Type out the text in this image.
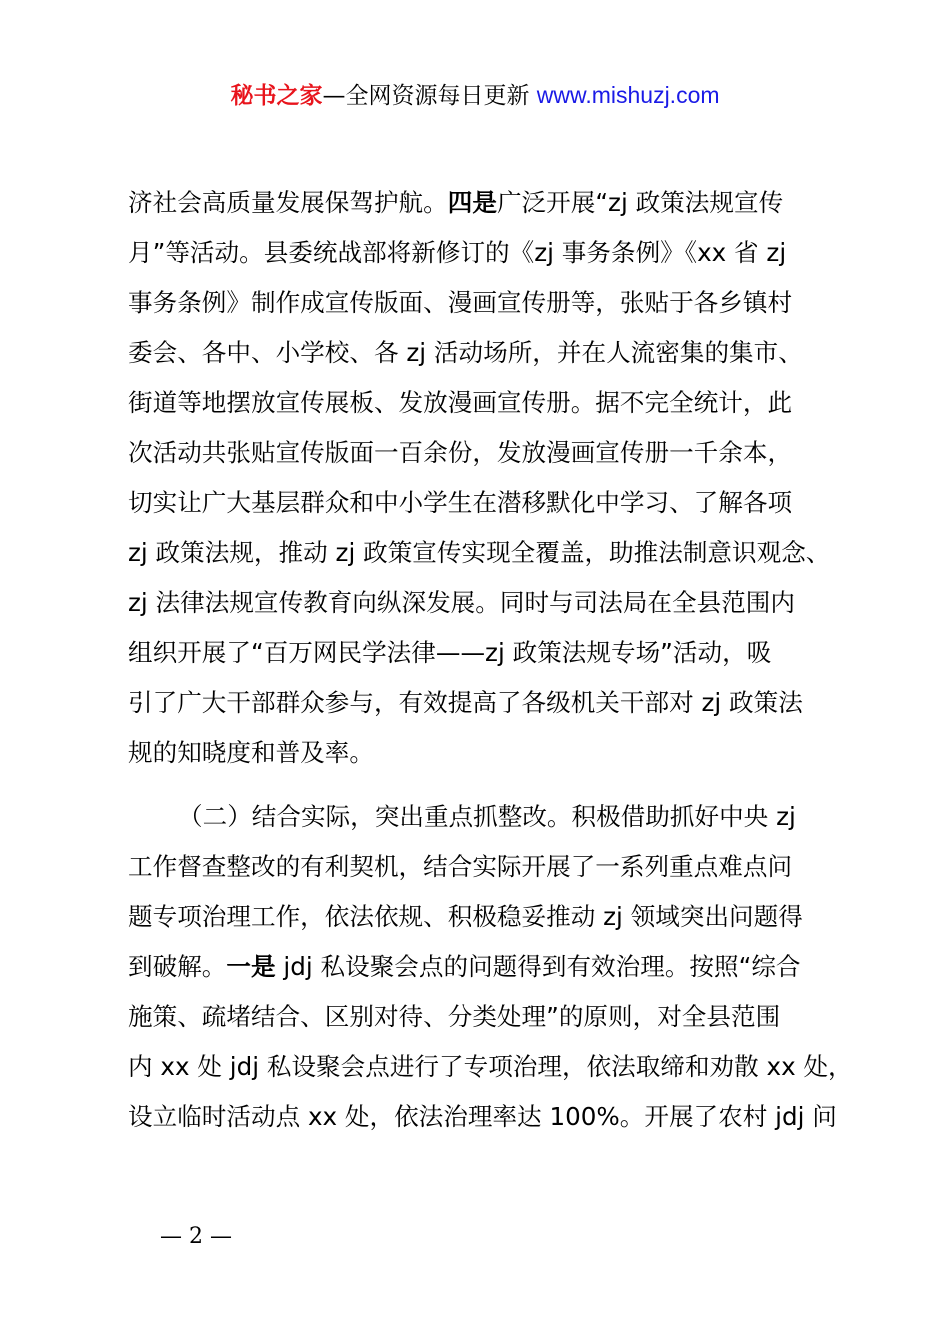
秘书之家—全网资源每日更新 www.mishuzj.com
济社会高质量发展保驾护航。四是广泛开展“zj 政策法规宣传
月”等活动。县委统战部将新修订的《zj 事务条例》《xx 省 zj
事务条例》制作成宣传版面、漫画宣传册等，张贴于各乡镇村
委会、各中、小学校、各 zj 活动场所，并在人流密集的集市、
街道等地摆放宣传展板、发放漫画宣传册。据不完全统计，此
次活动共张贴宣传版面一百余份，发放漫画宣传册一千余本，
切实让广大基层群众和中小学生在潜移默化中学习、了解各项
zj 政策法规，推动 zj 政策宣传实现全覆盖，助推法制意识观念、
zj 法律法规宣传教育向纵深发展。同时与司法局在全县范围内
组织开展了“百万网民学法律——zj 政策法规专场”活动，吸
引了广大干部群众参与，有效提高了各级机关干部对 zj 政策法
规的知晓度和普及率。
（二）结合实际，突出重点抓整改。积极借助抓好中央 zj
工作督查整改的有利契机，结合实际开展了一系列重点难点问
题专项治理工作，依法依规、积极稳妥推动 zj 领域突出问题得
到破解。一是 jdj 私设聚会点的问题得到有效治理。按照“综合
施策、疏堵结合、区别对待、分类处理”的原则，对全县范围
内 xx 处 jdj 私设聚会点进行了专项治理，依法取缔和劝散 xx 处，
设立临时活动点 xx 处，依法治理率达 100%。开展了农村 jdj 问
— 2 —
